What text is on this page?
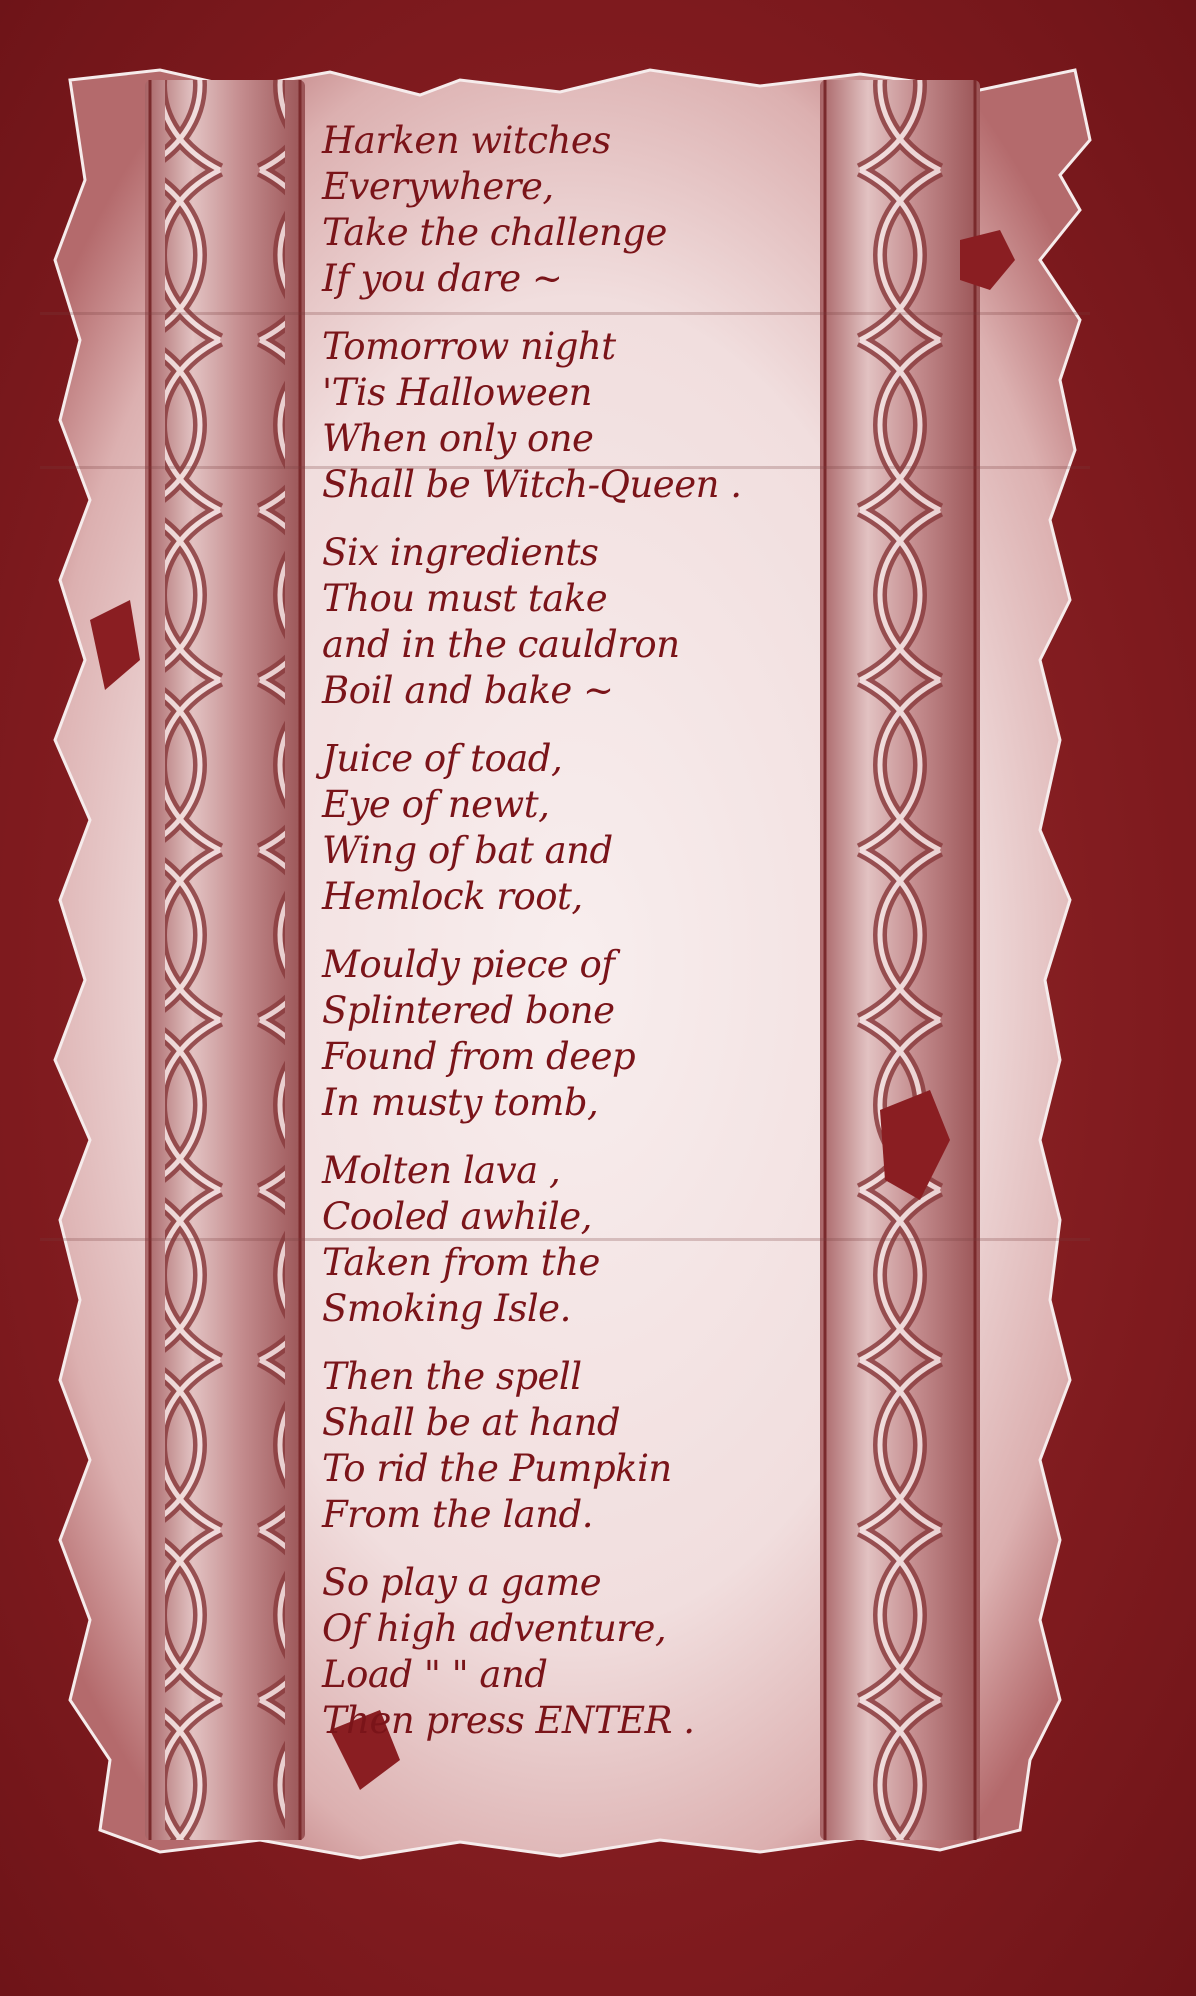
Harken witches
Everywhere,
Take the challenge
If you dare ~
Tomorrow night
'Tis Halloween
When only one
Shall be Witch-Queen .
Six ingredients
Thou must take
and in the cauldron
Boil and bake ~
Juice of toad,
Eye of newt,
Wing of bat and
Hemlock root,
Mouldy piece of
Splintered bone
Found from deep
In musty tomb,
Molten lava ,
Cooled awhile,
Taken from the
Smoking Isle.
Then the spell
Shall be at hand
To rid the Pumpkin
From the land.
So play a game
Of high adventure,
Load " " and
Then press ENTER .
